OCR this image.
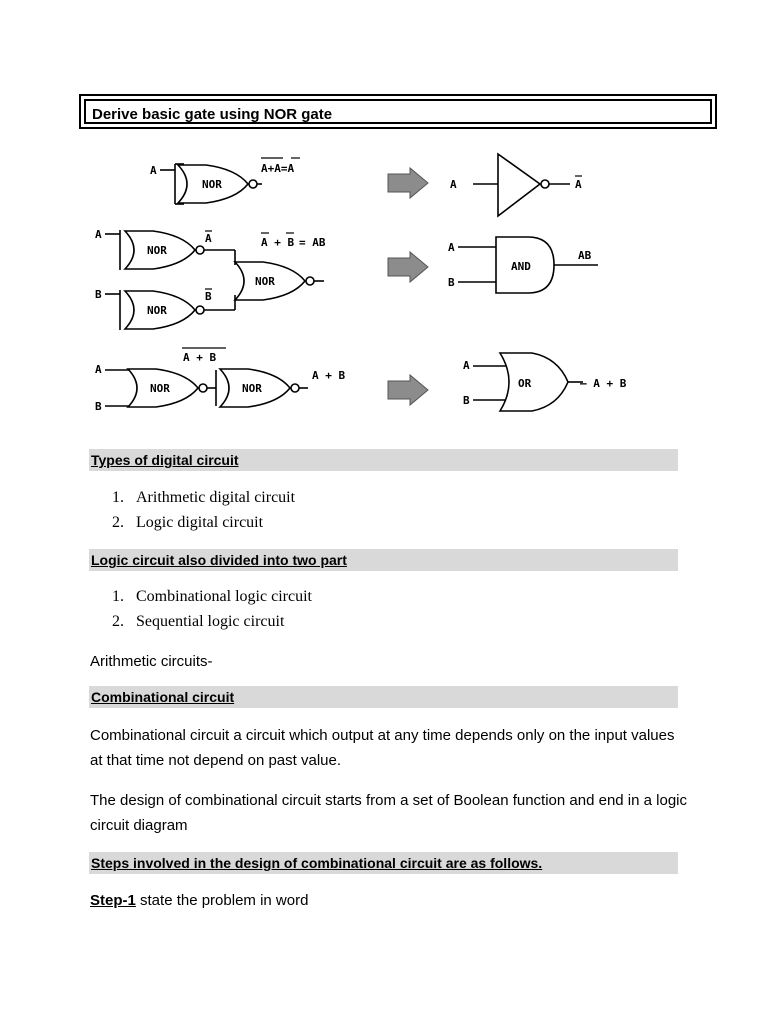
Derive basic gate using NOR gate
A
NOR
A+A=A
A
NOR
A
B
NOR
B
NOR
A + B = AB
A
B
NOR	NOR
A + B
A + B
A	A
A
B
AND
AB
A
B
OR	— A + B
Types of digital circuit
1. Arithmetic digital circuit
2. Logic digital circuit
Logic circuit also divided into two part
1. Combinational logic circuit
2. Sequential logic circuit

Arithmetic circuits-

Combinational circuit

Combinational circuit a circuit which output at any time depends only on the input values at that time not depend on past value.

The design of combinational circuit starts from a set of Boolean function and end in a logic circuit diagram

Steps involved in the design of combinational circuit are as follows.
Step-1 state the problem in word
